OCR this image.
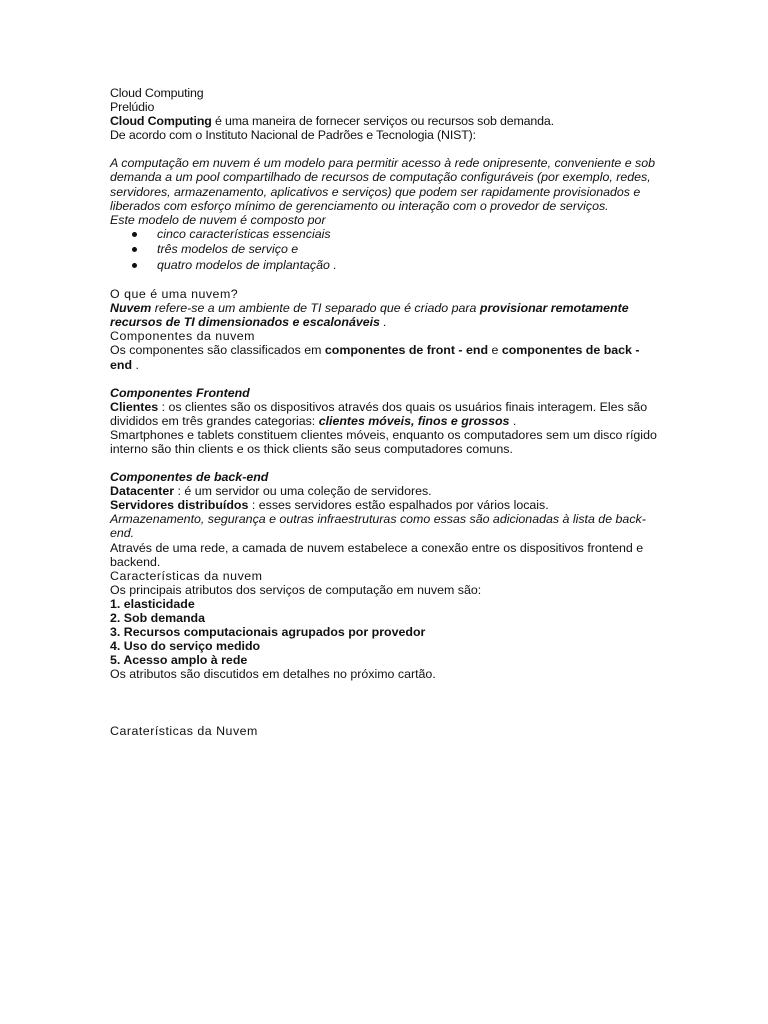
Cloud Computing

Prelúdio

Cloud Computing é uma maneira de fornecer serviços ou recursos sob demanda.

De acordo com o Instituto Nacional de Padrões e Tecnologia (NIST):

A computação em nuvem é um modelo para permitir acesso à rede onipresente, conveniente e sob demanda a um pool compartilhado de recursos de computação configuráveis (por exemplo, redes, servidores, armazenamento, aplicativos e serviços) que podem ser rapidamente provisionados e liberados com esforço mínimo de gerenciamento ou interação com o provedor de serviços.

Este modelo de nuvem é composto por

cinco características essenciais
três modelos de serviço e
quatro modelos de implantação .

O que é uma nuvem?

Nuvem refere-se a um ambiente de TI separado que é criado para provisionar remotamente recursos de TI dimensionados e escalonáveis .

Componentes da nuvem

Os componentes são classificados em componentes de front - end e componentes de back - end .

Componentes Frontend

Clientes : os clientes são os dispositivos através dos quais os usuários finais interagem. Eles são divididos em três grandes categorias: clientes móveis, finos e grossos .

Smartphones e tablets constituem clientes móveis, enquanto os computadores sem um disco rígido interno são thin clients e os thick clients são seus computadores comuns.

Componentes de back-end

Datacenter : é um servidor ou uma coleção de servidores.

Servidores distribuídos : esses servidores estão espalhados por vários locais.

Armazenamento, segurança e outras infraestruturas como essas são adicionadas à lista de back-end.

Através de uma rede, a camada de nuvem estabelece a conexão entre os dispositivos frontend e backend.

Características da nuvem

Os principais atributos dos serviços de computação em nuvem são:

1. elasticidade

2. Sob demanda

3. Recursos computacionais agrupados por provedor

4. Uso do serviço medido

5. Acesso amplo à rede

Os atributos são discutidos em detalhes no próximo cartão.

Caraterísticas da Nuvem
